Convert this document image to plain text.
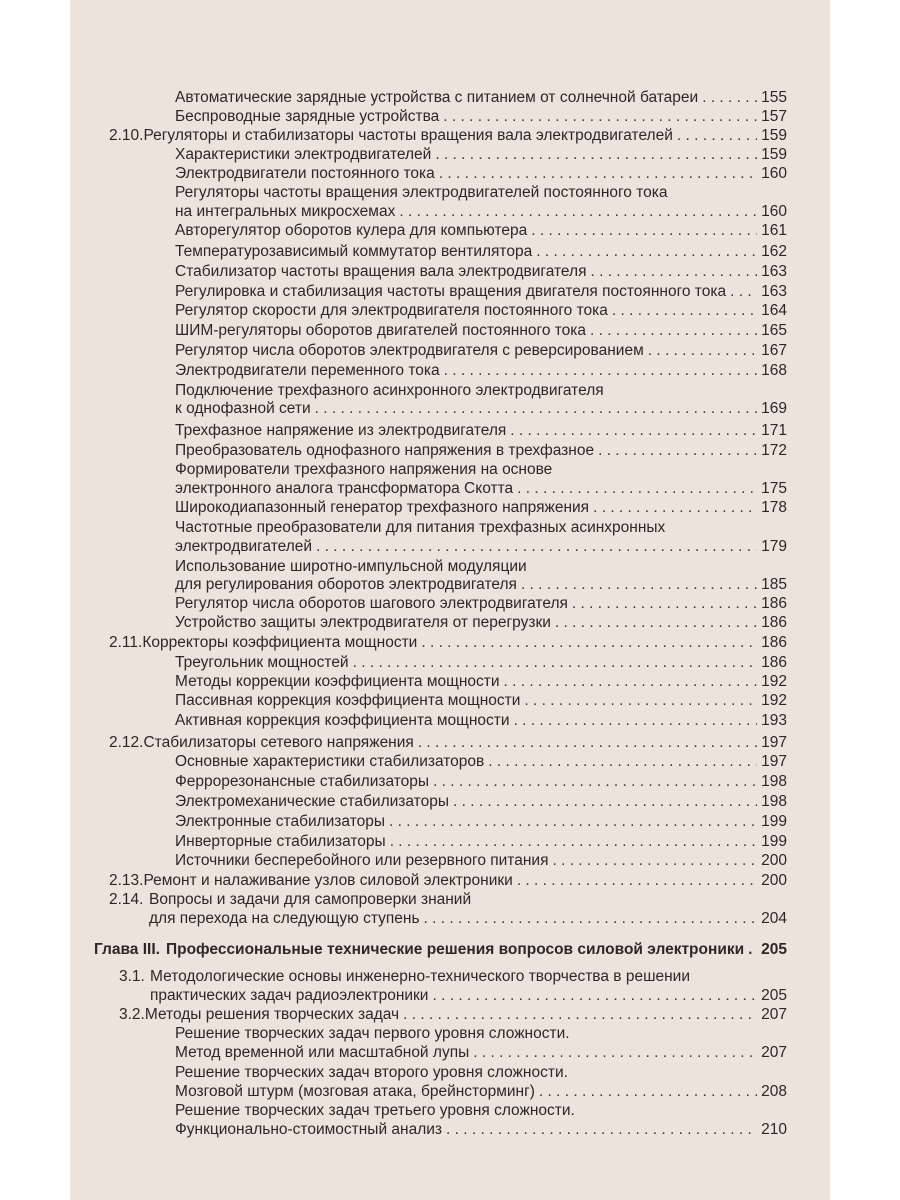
Автоматические зарядные устройства с питанием от солнечной батареи . . .	155
Беспроводные зарядные устройства . . .	157
2.10. Регуляторы и стабилизаторы частоты вращения вала электродвигателей . . .	159
Характеристики электродвигателей . . .	159
Электродвигатели постоянного тока . . .	160
Регуляторы частоты вращения электродвигателей постоянного тока
на интегральных микросхемах . . .	160
Авторегулятор оборотов кулера для компьютера . . .	161
Температурозависимый коммутатор вентилятора . . .	162
Стабилизатор частоты вращения вала электродвигателя . . .	163
Регулировка и стабилизация частоты вращения двигателя постоянного тока . . . 163
Регулятор скорости для электродвигателя постоянного тока . . .	164
ШИМ-регуляторы оборотов двигателей постоянного тока . . .	165
Регулятор числа оборотов электродвигателя с реверсированием . . .	167
Электродвигатели переменного тока . . .	168
Подключение трехфазного асинхронного электродвигателя
к однофазной сети . . .	169
Трехфазное напряжение из электродвигателя . . .	171
Преобразователь однофазного напряжения в трехфазное . . .	172
Формирователи трехфазного напряжения на основе
электронного аналога трансформатора Скотта . . .	175
Широкодиапазонный генератор трехфазного напряжения . . .	178
Частотные преобразователи для питания трехфазных асинхронных
электродвигателей . . .	179
Использование широтно-импульсной модуляции
для регулирования оборотов электродвигателя . . .	185
Регулятор числа оборотов шагового электродвигателя . . .	186
Устройство защиты электродвигателя от перегрузки . . .	186
2.11. Корректоры коэффициента мощности . . .	186
Треугольник мощностей . . .	186
Методы коррекции коэффициента мощности . . .	192
Пассивная коррекция коэффициента мощности . . .	192
Активная коррекция коэффициента мощности . . .	193
2.12. Стабилизаторы сетевого напряжения . . .	197
Основные характеристики стабилизаторов . . .	197
Феррорезонансные стабилизаторы . . .	198
Электромеханические стабилизаторы . . .	198
Электронные стабилизаторы . . .	199
Инверторные стабилизаторы . . .	199
Источники бесперебойного или резервного питания . . .	200
2.13. Ремонт и налаживание узлов силовой электроники . . .	200
2.14. Вопросы и задачи для самопроверки знаний
для перехода на следующую ступень . . .	204
Глава III. Профессиональные технические решения вопросов силовой электроники . . . 205
3.1. Методологические основы инженерно-технического творчества в решении
практических задач радиоэлектроники . . .	205
3.2. Методы решения творческих задач . . .	207
Решение творческих задач первого уровня сложности.
Метод временной или масштабной лупы . . .	207
Решение творческих задач второго уровня сложности.
Мозговой штурм (мозговая атака, брейнсторминг) . . .	208
Решение творческих задач третьего уровня сложности.
Функционально-стоимостный анализ . . .	210
